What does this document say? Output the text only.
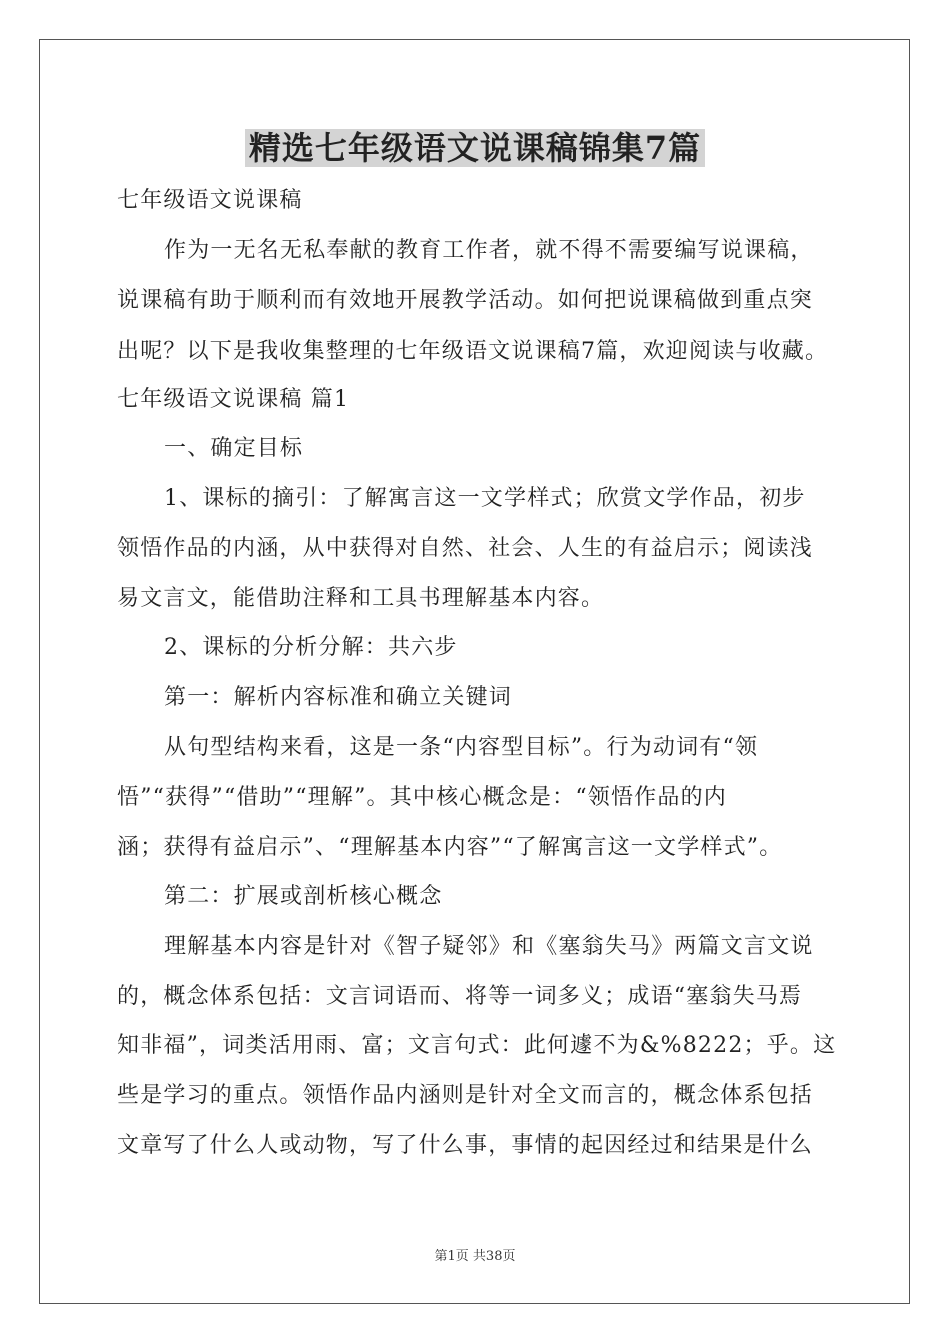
精选七年级语文说课稿锦集7篇
七年级语文说课稿
作为一无名无私奉献的教育工作者，就不得不需要编写说课稿，
说课稿有助于顺利而有效地开展教学活动。如何把说课稿做到重点突
出呢？以下是我收集整理的七年级语文说课稿7篇，欢迎阅读与收藏。
七年级语文说课稿 篇1
一、确定目标
1、课标的摘引：了解寓言这一文学样式；欣赏文学作品，初步
领悟作品的内涵，从中获得对自然、社会、人生的有益启示；阅读浅
易文言文，能借助注释和工具书理解基本内容。
2、课标的分析分解：共六步
第一：解析内容标准和确立关键词
从句型结构来看，这是一条“内容型目标”。行为动词有“领
悟”“获得”“借助”“理解”。其中核心概念是：“领悟作品的内
涵；获得有益启示”、“理解基本内容”“了解寓言这一文学样式”。
第二：扩展或剖析核心概念
理解基本内容是针对《智子疑邻》和《塞翁失马》两篇文言文说
的，概念体系包括：文言词语而、将等一词多义；成语“塞翁失马焉
知非福”，词类活用雨、富；文言句式：此何遽不为&%8222；乎。这
些是学习的重点。领悟作品内涵则是针对全文而言的，概念体系包括
文章写了什么人或动物，写了什么事，事情的起因经过和结果是什么
第1页 共38页
